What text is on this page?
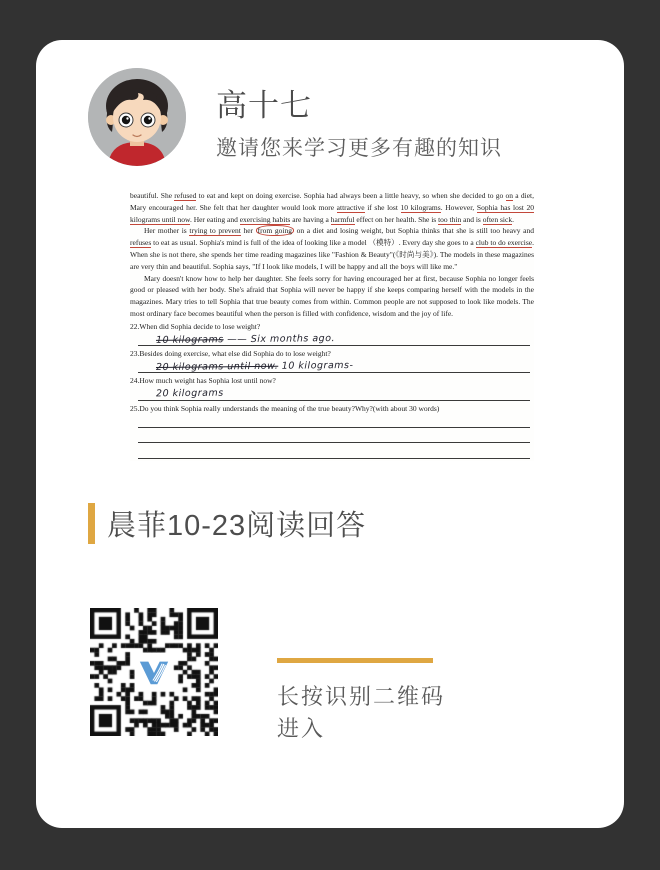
高十七
邀请您来学习更多有趣的知识

beautiful. She refused to eat and kept on doing exercise. Sophia had always been a little heavy, so when she decided to go on a diet, Mary encouraged her. She felt that her daughter would look more attractive if she lost 10 kilograms. However, Sophia has lost 20 kilograms until now. Her eating and exercising habits are having a harmful effect on her health. She is too thin and is often sick.

Her mother is trying to prevent her from going on a diet and losing weight, but Sophia thinks that she is still too heavy and refuses to eat as usual. Sophia's mind is full of the idea of looking like a model （模特）. Every day she goes to a club to do exercise. When she is not there, she spends her time reading magazines like "Fashion & Beauty"(《时尚与美》). The models in these magazines are very thin and beautiful. Sophia says, "If I look like models, I will be happy and all the boys will like me."

Mary doesn't know how to help her daughter. She feels sorry for having encouraged her at first, because Sophia no longer feels good or pleased with her body. She's afraid that Sophia will never be happy if she keeps comparing herself with the models in the magazines. Mary tries to tell Sophia that true beauty comes from within. Common people are not supposed to look like models. The most ordinary face becomes beautiful when the person is filled with confidence, wisdom and the joy of life.

22.When did Sophia decide to lose weight?
10 kilograms —— Six months ago.
23.Besides doing exercise, what else did Sophia do to lose weight?
20 kilograms until now. 10 kilograms-
24.How much weight has Sophia lost until now?
20 kilograms
25.Do you think Sophia really understands the meaning of the true beauty?Why?(with about 30 words)
晨菲10-23阅读回答
长按识别二维码
进入
